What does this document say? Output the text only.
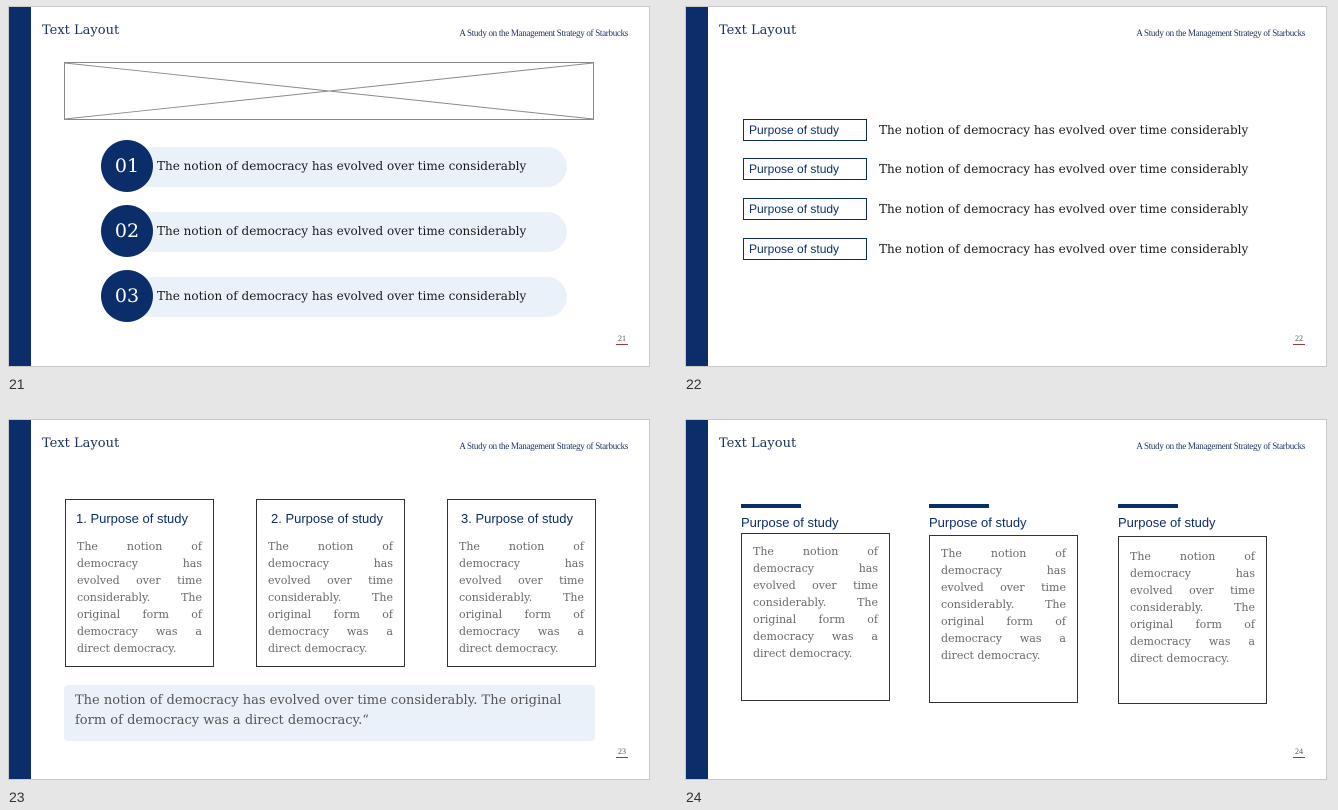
Text Layout	A Study on the Management Strategy of Starbucks
01	The notion of democracy has evolved over time considerably
02	The notion of democracy has evolved over time considerably
03	The notion of democracy has evolved over time considerably
21
21
Text Layout	A Study on the Management Strategy of Starbucks
Purpose of study	The notion of democracy has evolved over time considerably
Purpose of study	The notion of democracy has evolved over time considerably
Purpose of study	The notion of democracy has evolved over time considerably
Purpose of study	The notion of democracy has evolved over time considerably
22
22
Text Layout	A Study on the Management Strategy of Starbucks
1. Purpose of study
The notion of democracy has evolved over time considerably. The original form of democracy was a direct democracy.
2. Purpose of study
The notion of democracy has evolved over time considerably. The original form of democracy was a direct democracy.
3. Purpose of study
The notion of democracy has evolved over time considerably. The original form of democracy was a direct democracy.
The notion of democracy has evolved over time considerably. The original form of democracy was a direct democracy.“
23
23
Text Layout	A Study on the Management Strategy of Starbucks
Purpose of study
The notion of democracy has evolved over time considerably. The original form of democracy was a direct democracy.
Purpose of study
The notion of democracy has evolved over time considerably. The original form of democracy was a direct democracy.
Purpose of study
The notion of democracy has evolved over time considerably. The original form of democracy was a direct democracy.
24
24
